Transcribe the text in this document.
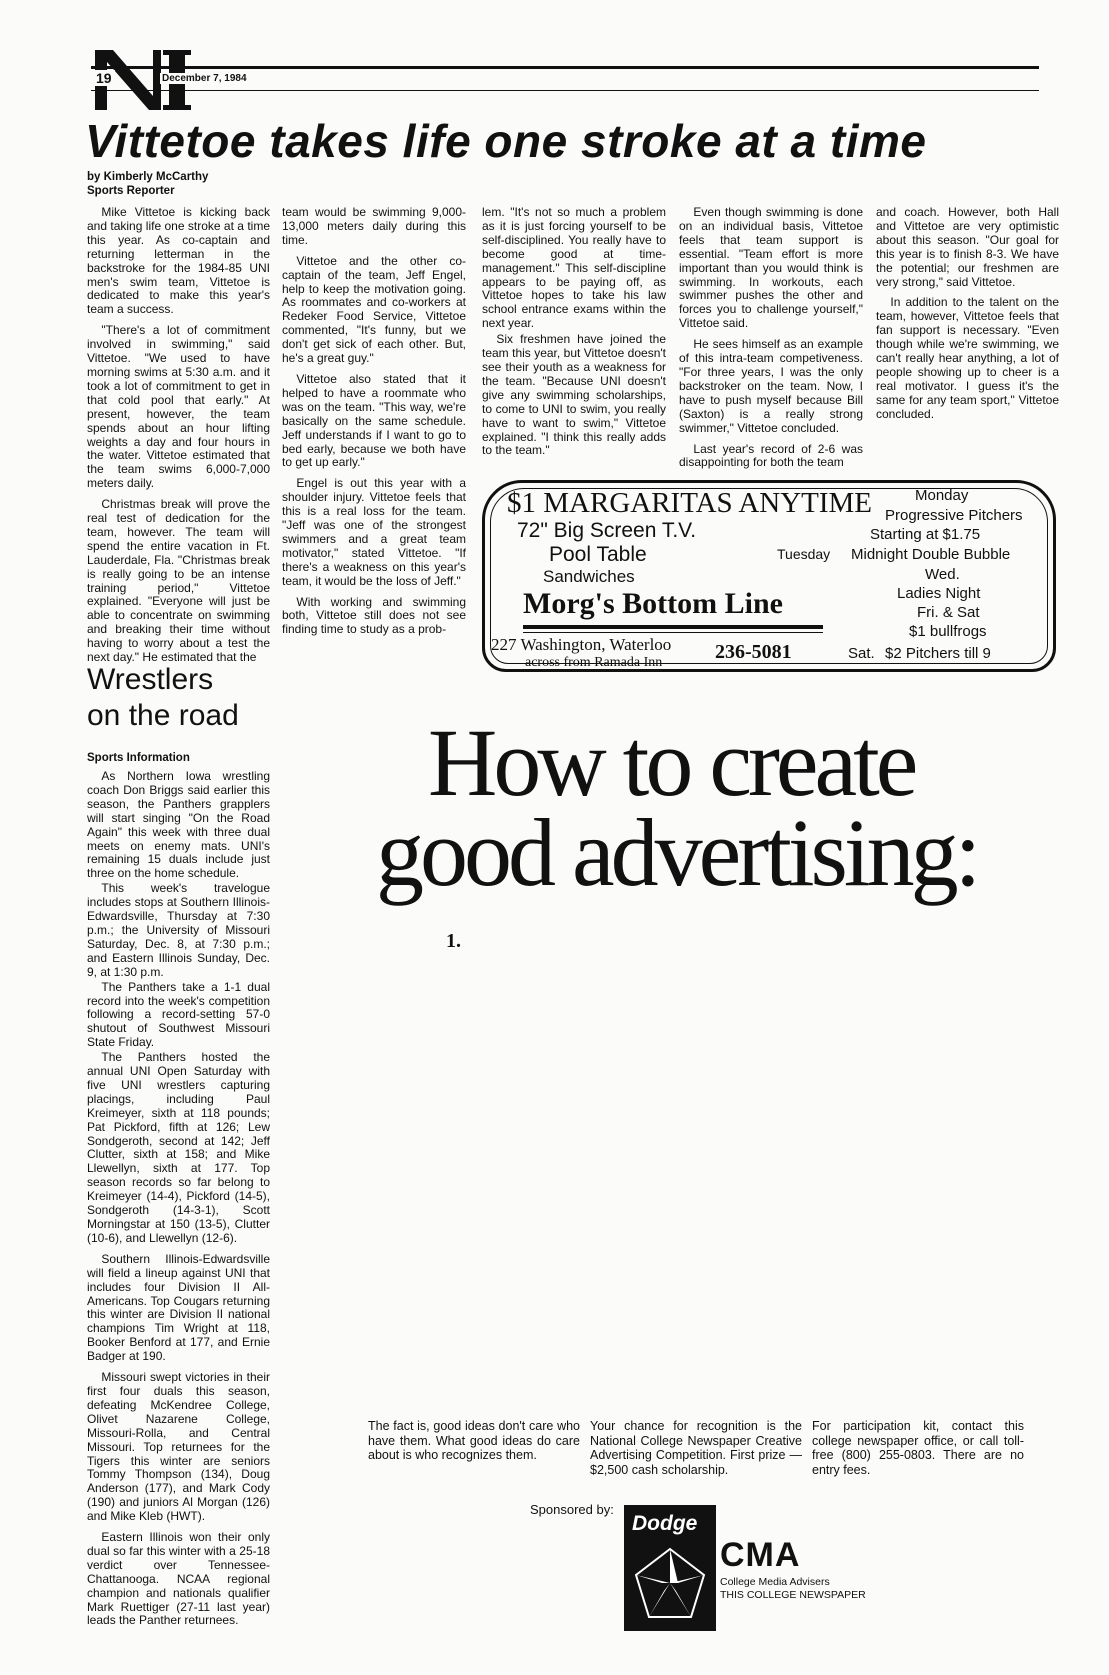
19	December 7, 1984
Vittetoe takes life one stroke at a time
by Kimberly McCarthy
Sports Reporter

Mike Vittetoe is kicking back and taking life one stroke at a time this year. As co-captain and returning letterman in the backstroke for the 1984-85 UNI men's swim team, Vittetoe is dedicated to make this year's team a success.

"There's a lot of commitment involved in swimming," said Vittetoe. "We used to have morning swims at 5:30 a.m. and it took a lot of commitment to get in that cold pool that early." At present, however, the team spends about an hour lifting weights a day and four hours in the water. Vittetoe estimated that the team swims 6,000-7,000 meters daily.

Christmas break will prove the real test of dedication for the team, however. The team will spend the entire vacation in Ft. Lauderdale, Fla. "Christmas break is really going to be an intense training period," Vittetoe explained. "Everyone will just be able to concentrate on swimming and breaking their time without having to worry about a test the next day." He estimated that the

team would be swimming 9,000-13,000 meters daily during this time.

Vittetoe and the other co-captain of the team, Jeff Engel, help to keep the motivation going. As roommates and co-workers at Redeker Food Service, Vittetoe commented, "It's funny, but we don't get sick of each other. But, he's a great guy."

Vittetoe also stated that it helped to have a roommate who was on the team. "This way, we're basically on the same schedule. Jeff understands if I want to go to bed early, because we both have to get up early."

Engel is out this year with a shoulder injury. Vittetoe feels that this is a real loss for the team. "Jeff was one of the strongest swimmers and a great team motivator," stated Vittetoe. "If there's a weakness on this year's team, it would be the loss of Jeff."

With working and swimming both, Vittetoe still does not see finding time to study as a prob-

lem. "It's not so much a problem as it is just forcing yourself to be self-disciplined. You really have to become good at time-management." This self-discipline appears to be paying off, as Vittetoe hopes to take his law school entrance exams within the next year.

Six freshmen have joined the team this year, but Vittetoe doesn't see their youth as a weakness for the team. "Because UNI doesn't give any swimming scholarships, to come to UNI to swim, you really have to want to swim," Vittetoe explained. "I think this really adds to the team."

Even though swimming is done on an individual basis, Vittetoe feels that team support is essential. "Team effort is more important than you would think is swimming. In workouts, each swimmer pushes the other and forces you to challenge yourself," Vittetoe said.

He sees himself as an example of this intra-team competiveness. "For three years, I was the only backstroker on the team. Now, I have to push myself because Bill (Saxton) is a really strong swimmer," Vittetoe concluded.

Last year's record of 2-6 was disappointing for both the team

and coach. However, both Hall and Vittetoe are very optimistic about this season. "Our goal for this year is to finish 8-3. We have the potential; our freshmen are very strong," said Vittetoe.

In addition to the talent on the team, however, Vittetoe feels that fan support is necessary. "Even though while we're swimming, we can't really hear anything, a lot of people showing up to cheer is a real motivator. I guess it's the same for any team sport," Vittetoe concluded.

$1 MARGARITAS ANYTIME
72" Big Screen T.V.
Pool Table
Sandwiches
Morg's Bottom Line
227 Washington, Waterloo
across from Ramada Inn	236-5081
Monday
Progressive Pitchers
Starting at $1.75
Tuesday Midnight Double Bubble
Wed.
Ladies Night
Fri. & Sat
$1 bullfrogs
Sat. $2 Pitchers till 9
Wrestlers
on the road
Sports Information

As Northern Iowa wrestling coach Don Briggs said earlier this season, the Panthers grapplers will start singing "On the Road Again" this week with three dual meets on enemy mats. UNI's remaining 15 duals include just three on the home schedule.

This week's travelogue includes stops at Southern Illinois-Edwardsville, Thursday at 7:30 p.m.; the University of Missouri Saturday, Dec. 8, at 7:30 p.m.; and Eastern Illinois Sunday, Dec. 9, at 1:30 p.m.

The Panthers take a 1-1 dual record into the week's competition following a record-setting 57-0 shutout of Southwest Missouri State Friday.

The Panthers hosted the annual UNI Open Saturday with five UNI wrestlers capturing placings, including Paul Kreimeyer, sixth at 118 pounds; Pat Pickford, fifth at 126; Lew Sondgeroth, second at 142; Jeff Clutter, sixth at 158; and Mike Llewellyn, sixth at 177. Top season records so far belong to Kreimeyer (14-4), Pickford (14-5), Sondgeroth (14-3-1), Scott Morningstar at 150 (13-5), Clutter (10-6), and Llewellyn (12-6).

Southern Illinois-Edwardsville will field a lineup against UNI that includes four Division II All-Americans. Top Cougars returning this winter are Division II national champions Tim Wright at 118, Booker Benford at 177, and Ernie Badger at 190.

Missouri swept victories in their first four duals this season, defeating McKendree College, Olivet Nazarene College, Missouri-Rolla, and Central Missouri. Top returnees for the Tigers this winter are seniors Tommy Thompson (134), Doug Anderson (177), and Mark Cody (190) and juniors Al Morgan (126) and Mike Kleb (HWT).

Eastern Illinois won their only dual so far this winter with a 25-18 verdict over Tennessee-Chattanooga. NCAA regional champion and nationals qualifier Mark Ruettiger (27-11 last year) leads the Panther returnees.

How to create
good advertising:
1.
The fact is, good ideas don't care who have them. What good ideas do care about is who recognizes them.
Your chance for recognition is the National College Newspaper Creative Advertising Competition. First prize — $2,500 cash scholarship.
For participation kit, contact this college newspaper office, or call toll-free (800) 255-0803. There are no entry fees.
Sponsored by:
Dodge
CMA
College Media Advisers
THIS COLLEGE NEWSPAPER
